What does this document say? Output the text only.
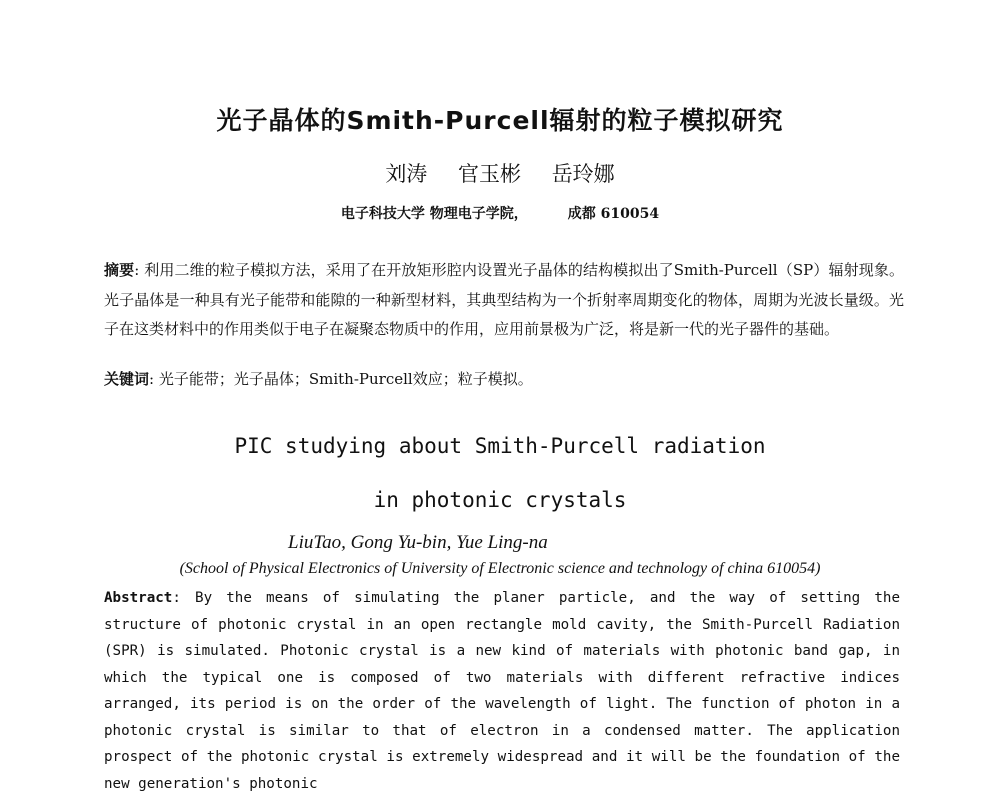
光子晶体的Smith-Purcell辐射的粒子模拟研究
刘涛 官玉彬 岳玲娜
电子科技大学 物理电子学院，	成都 610054
摘要: 利用二维的粒子模拟方法，采用了在开放矩形腔内设置光子晶体的结构模拟出了Smith-Purcell（SP）辐射现象。光子晶体是一种具有光子能带和能隙的一种新型材料，其典型结构为一个折射率周期变化的物体，周期为光波长量级。光子在这类材料中的作用类似于电子在凝聚态物质中的作用，应用前景极为广泛，将是新一代的光子器件的基础。
关键词: 光子能带；光子晶体；Smith-Purcell效应；粒子模拟。
PIC studying about Smith-Purcell radiation
in photonic crystals
LiuTao, Gong Yu-bin, Yue Ling-na
(School of Physical Electronics of University of Electronic science and technology of china 610054)
Abstract: By the means of simulating the planer particle, and the way of setting the structure of photonic crystal in an open rectangle mold cavity, the Smith-Purcell Radiation (SPR) is simulated. Photonic crystal is a new kind of materials with photonic band gap, in which the typical one is composed of two materials with different refractive indices arranged, its period is on the order of the wavelength of light. The function of photon in a photonic crystal is similar to that of electron in a condensed matter. The application prospect of the photonic crystal is extremely widespread and it will be the foundation of the new generation's photonic
